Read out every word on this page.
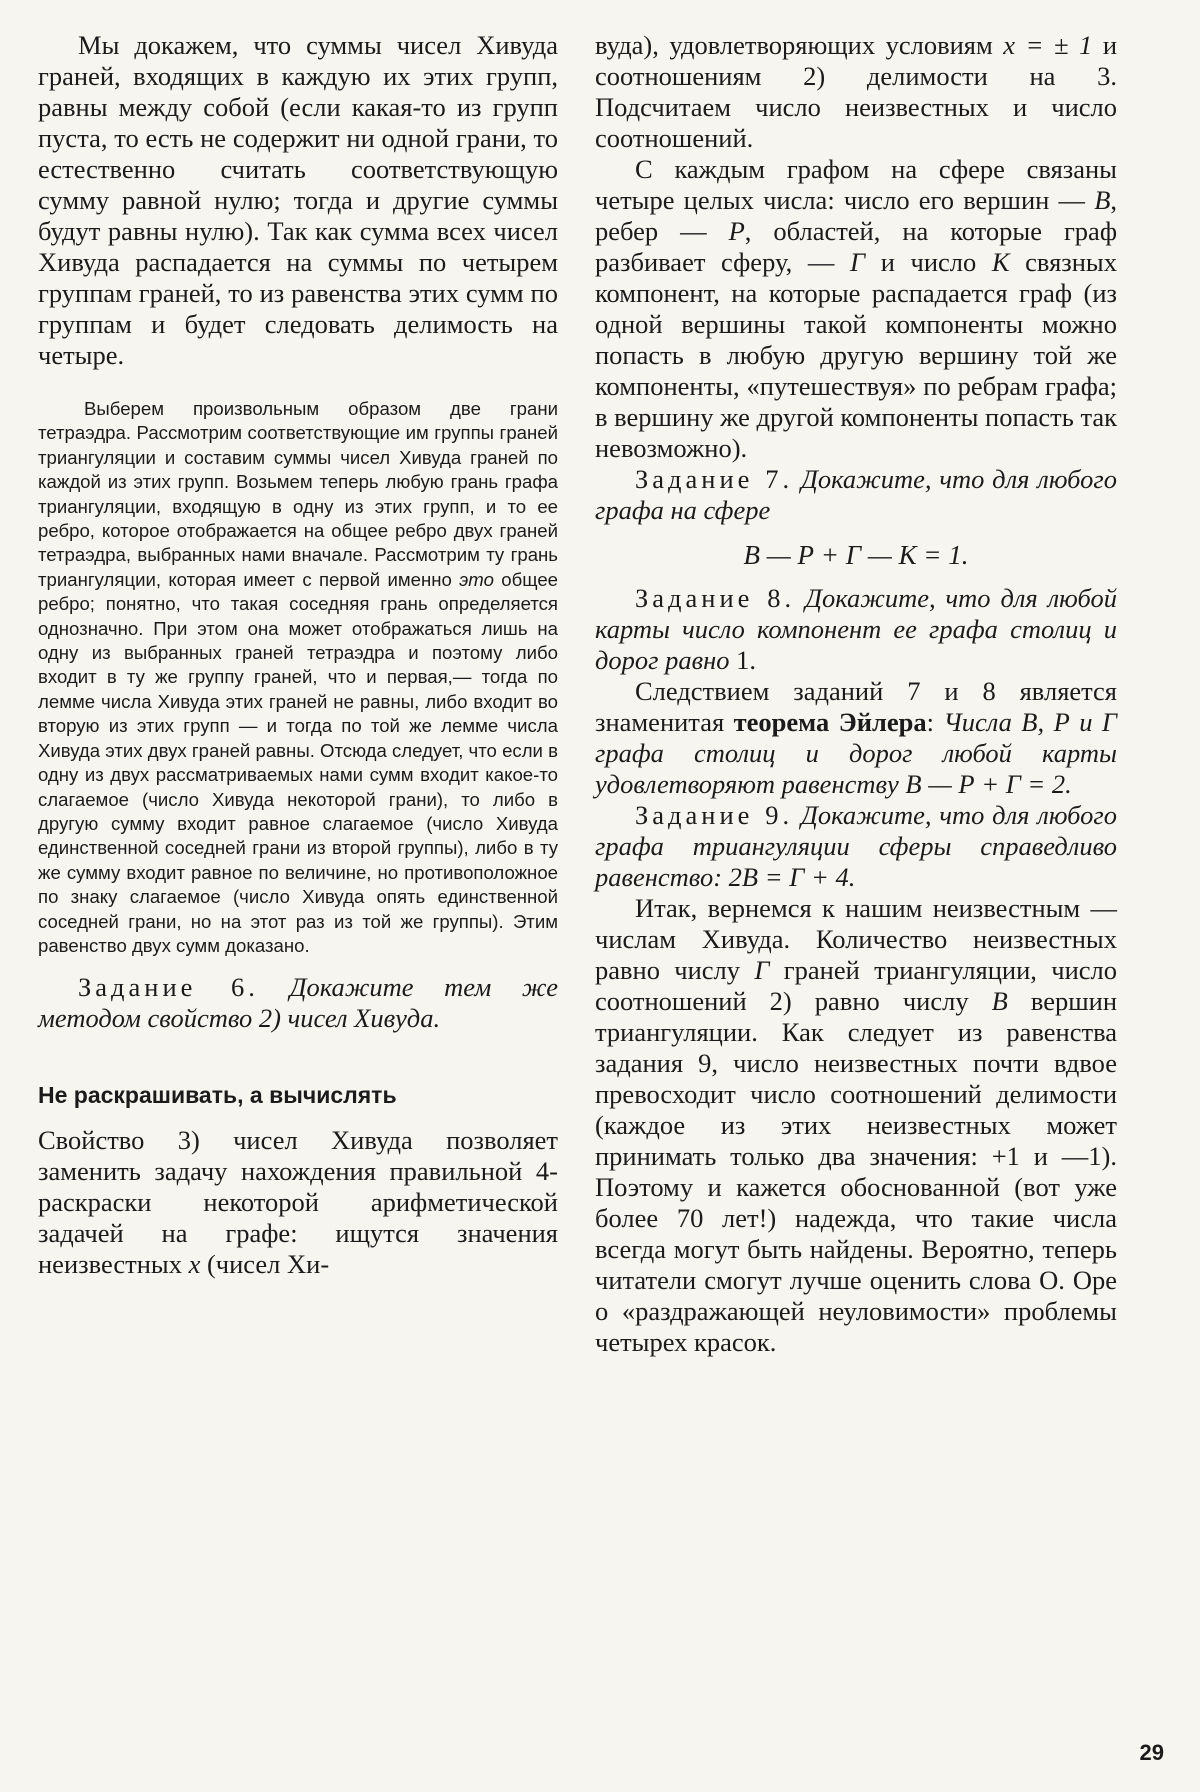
Мы докажем, что суммы чисел Хивуда граней, входящих в каждую их этих групп, равны между собой (если какая-то из групп пуста, то есть не содержит ни одной грани, то естественно считать соответствующую сумму равной нулю; тогда и другие суммы будут равны нулю). Так как сумма всех чисел Хивуда распадается на суммы по четырем группам граней, то из равенства этих сумм по группам и будет следовать делимость на четыре.

Выберем произвольным образом две грани тетраэдра. Рассмотрим соответствующие им группы граней триангуляции и составим суммы чисел Хивуда граней по каждой из этих групп. Возьмем теперь любую грань графа триангуляции, входящую в одну из этих групп, и то ее ребро, которое отображается на общее ребро двух граней тетраэдра, выбранных нами вначале. Рассмотрим ту грань триангуляции, которая имеет с первой именно это общее ребро; понятно, что такая соседняя грань определяется однозначно. При этом она может отображаться лишь на одну из выбранных граней тетраэдра и поэтому либо входит в ту же группу граней, что и первая,— тогда по лемме числа Хивуда этих граней не равны, либо входит во вторую из этих групп — и тогда по той же лемме числа Хивуда этих двух граней равны. Отсюда следует, что если в одну из двух рассматриваемых нами сумм входит какое-то слагаемое (число Хивуда некоторой грани), то либо в другую сумму входит равное слагаемое (число Хивуда единственной соседней грани из второй группы), либо в ту же сумму входит равное по величине, но противоположное по знаку слагаемое (число Хивуда опять единственной соседней грани, но на этот раз из той же группы). Этим равенство двух сумм доказано.

Задание 6. Докажите тем же методом свойство 2) чисел Хивуда.

Не раскрашивать, а вычислять

Свойство 3) чисел Хивуда позволяет заменить задачу нахождения правильной 4-раскраски некоторой арифметической задачей на графе: ищутся значения неизвестных x (чисел Хи-

вуда), удовлетворяющих условиям x = ± 1 и соотношениям 2) делимости на 3. Подсчитаем число неизвестных и число соотношений.

С каждым графом на сфере связаны четыре целых числа: число его вершин — В, ребер — Р, областей, на которые граф разбивает сферу, — Г и число К связных компонент, на которые распадается граф (из одной вершины такой компоненты можно попасть в любую другую вершину той же компоненты, «путешествуя» по ребрам графа; в вершину же другой компоненты попасть так невозможно).

Задание 7. Докажите, что для любого графа на сфере

В — Р + Г — К = 1.

Задание 8. Докажите, что для любой карты число компонент ее графа столиц и дорог равно 1.

Следствием заданий 7 и 8 является знаменитая теорема Эйлера: Числа В, Р и Г графа столиц и дорог любой карты удовлетворяют равенству В — Р + Г = 2.

Задание 9. Докажите, что для любого графа триангуляции сферы справедливо равенство: 2В = Г + 4.

Итак, вернемся к нашим неизвестным — числам Хивуда. Количество неизвестных равно числу Г граней триангуляции, число соотношений 2) равно числу В вершин триангуляции. Как следует из равенства задания 9, число неизвестных почти вдвое превосходит число соотношений делимости (каждое из этих неизвестных может принимать только два значения: +1 и —1). Поэтому и кажется обоснованной (вот уже более 70 лет!) надежда, что такие числа всегда могут быть найдены. Вероятно, теперь читатели смогут лучше оценить слова О. Оре о «раздражающей неуловимости» проблемы четырех красок.

29
